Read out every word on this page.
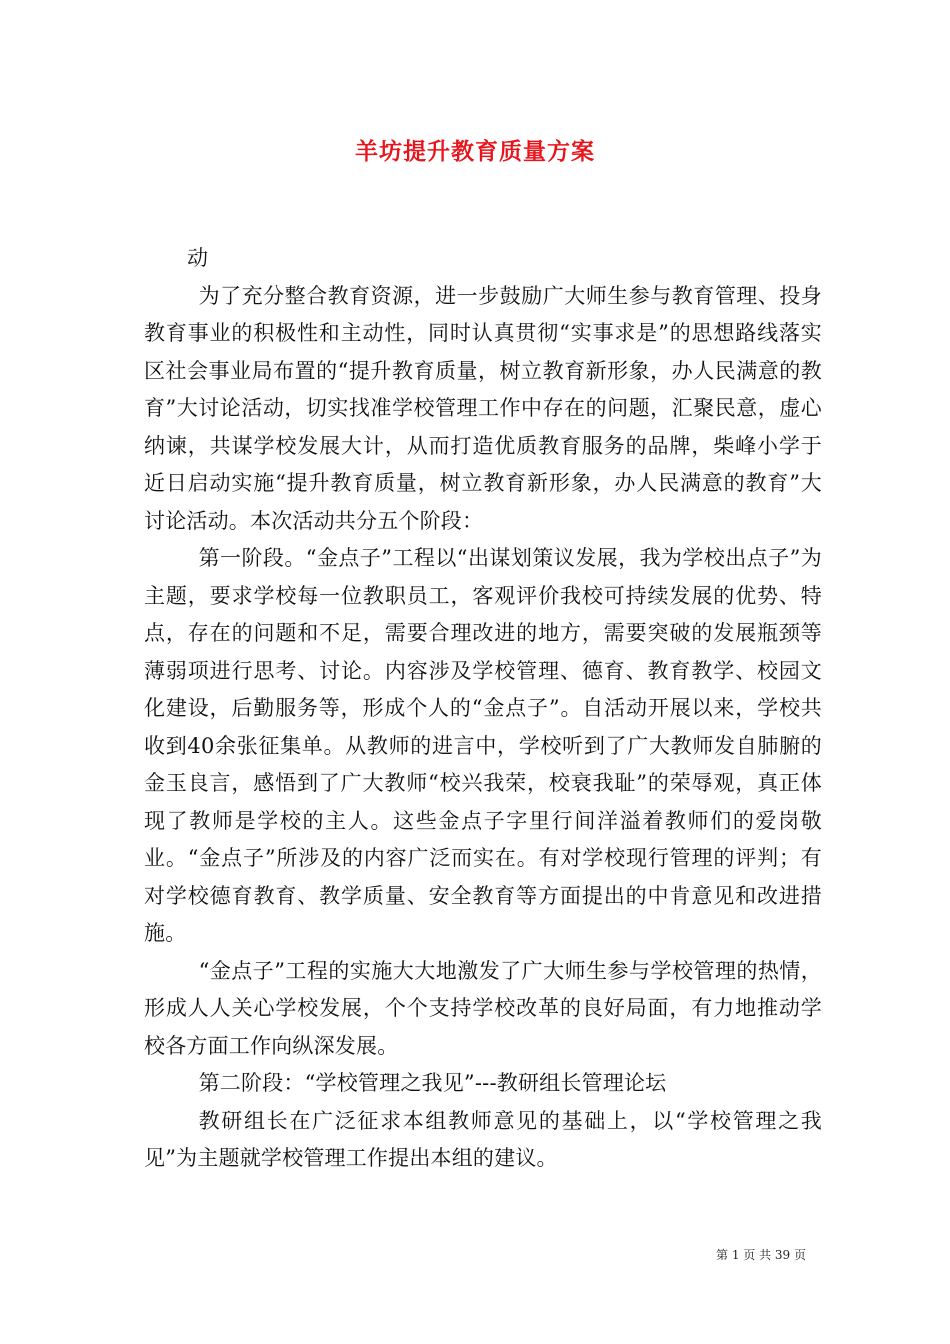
羊坊提升教育质量方案

动

为了充分整合教育资源，进一步鼓励广大师生参与教育管理、投身教育事业的积极性和主动性，同时认真贯彻“实事求是”的思想路线落实区社会事业局布置的“提升教育质量，树立教育新形象，办人民满意的教育”大讨论活动，切实找准学校管理工作中存在的问题，汇聚民意，虚心纳谏，共谋学校发展大计，从而打造优质教育服务的品牌，柴峰小学于近日启动实施“提升教育质量，树立教育新形象，办人民满意的教育”大讨论活动。本次活动共分五个阶段：

第一阶段。“金点子”工程以“出谋划策议发展，我为学校出点子”为主题，要求学校每一位教职员工，客观评价我校可持续发展的优势、特点，存在的问题和不足，需要合理改进的地方，需要突破的发展瓶颈等薄弱项进行思考、讨论。内容涉及学校管理、德育、教育教学、校园文化建设，后勤服务等，形成个人的“金点子”。自活动开展以来，学校共收到40余张征集单。从教师的进言中，学校听到了广大教师发自肺腑的金玉良言，感悟到了广大教师“校兴我荣，校衰我耻”的荣辱观，真正体现了教师是学校的主人。这些金点子字里行间洋溢着教师们的爱岗敬业。“金点子”所涉及的内容广泛而实在。有对学校现行管理的评判；有对学校德育教育、教学质量、安全教育等方面提出的中肯意见和改进措施。

“金点子”工程的实施大大地激发了广大师生参与学校管理的热情，形成人人关心学校发展，个个支持学校改革的良好局面，有力地推动学校各方面工作向纵深发展。

第二阶段：“学校管理之我见”---教研组长管理论坛

教研组长在广泛征求本组教师意见的基础上，以“学校管理之我见”为主题就学校管理工作提出本组的建议。

第 1 页 共 39 页
